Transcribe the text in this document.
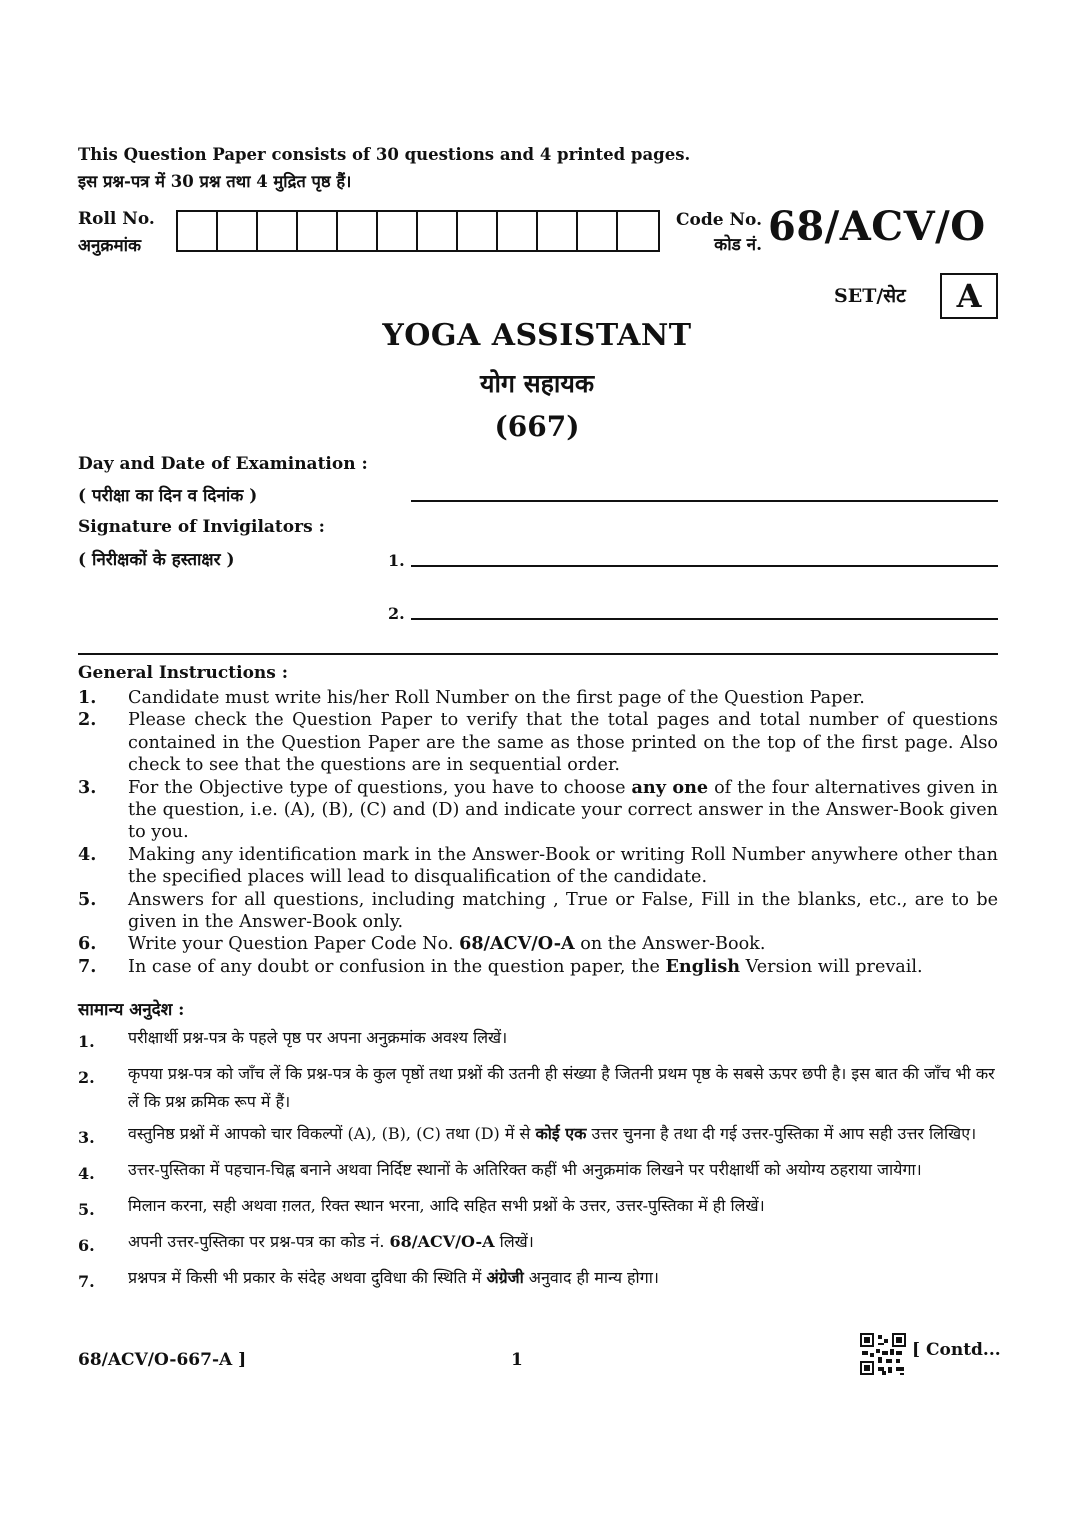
This Question Paper consists of 30 questions and 4 printed pages.
इस प्रश्न-पत्र में 30 प्रश्न तथा 4 मुद्रित पृष्ठ हैं।
Roll No.
अनुक्रमांक
Code No.
कोड नं. 68/ACV/O
SET/सेट	A
YOGA ASSISTANT
योग सहायक
(667)
Day and Date of Examination :
( परीक्षा का दिन व दिनांक )
Signature of Invigilators :
( निरीक्षकों के हस्ताक्षर )	1.
2.
General Instructions :
1.	Candidate must write his/her Roll Number on the first page of the Question Paper.
2.	Please check the Question Paper to verify that the total pages and total number of questions contained in the Question Paper are the same as those printed on the top of the first page. Also check to see that the questions are in sequential order.
3.	For the Objective type of questions, you have to choose any one of the four alternatives given in the question, i.e. (A), (B), (C) and (D) and indicate your correct answer in the Answer-Book given to you.
4.	Making any identification mark in the Answer-Book or writing Roll Number anywhere other than the specified places will lead to disqualification of the candidate.
5.	Answers for all questions, including matching , True or False, Fill in the blanks, etc., are to be given in the Answer-Book only.
6.	Write your Question Paper Code No. 68/ACV/O-A on the Answer-Book.
7.	In case of any doubt or confusion in the question paper, the English Version will prevail.
सामान्य अनुदेश :
1.	परीक्षार्थी प्रश्न-पत्र के पहले पृष्ठ पर अपना अनुक्रमांक अवश्य लिखें।
2.	कृपया प्रश्न-पत्र को जाँच लें कि प्रश्न-पत्र के कुल पृष्ठों तथा प्रश्नों की उतनी ही संख्या है जितनी प्रथम पृष्ठ के सबसे ऊपर छपी है। इस बात की जाँच भी कर लें कि प्रश्न क्रमिक रूप में हैं।
3.	वस्तुनिष्ठ प्रश्नों में आपको चार विकल्पों (A), (B), (C) तथा (D) में से कोई एक उत्तर चुनना है तथा दी गई उत्तर-पुस्तिका में आप सही उत्तर लिखिए।
4.	उत्तर-पुस्तिका में पहचान-चिह्न बनाने अथवा निर्दिष्ट स्थानों के अतिरिक्त कहीं भी अनुक्रमांक लिखने पर परीक्षार्थी को अयोग्य ठहराया जायेगा।
5.	मिलान करना, सही अथवा ग़लत, रिक्त स्थान भरना, आदि सहित सभी प्रश्नों के उत्तर, उत्तर-पुस्तिका में ही लिखें।
6.	अपनी उत्तर-पुस्तिका पर प्रश्न-पत्र का कोड नं. 68/ACV/O-A लिखें।
7.	प्रश्नपत्र में किसी भी प्रकार के संदेह अथवा दुविधा की स्थिति में अंग्रेजी अनुवाद ही मान्य होगा।
68/ACV/O-667-A ]	1	[ Contd...
